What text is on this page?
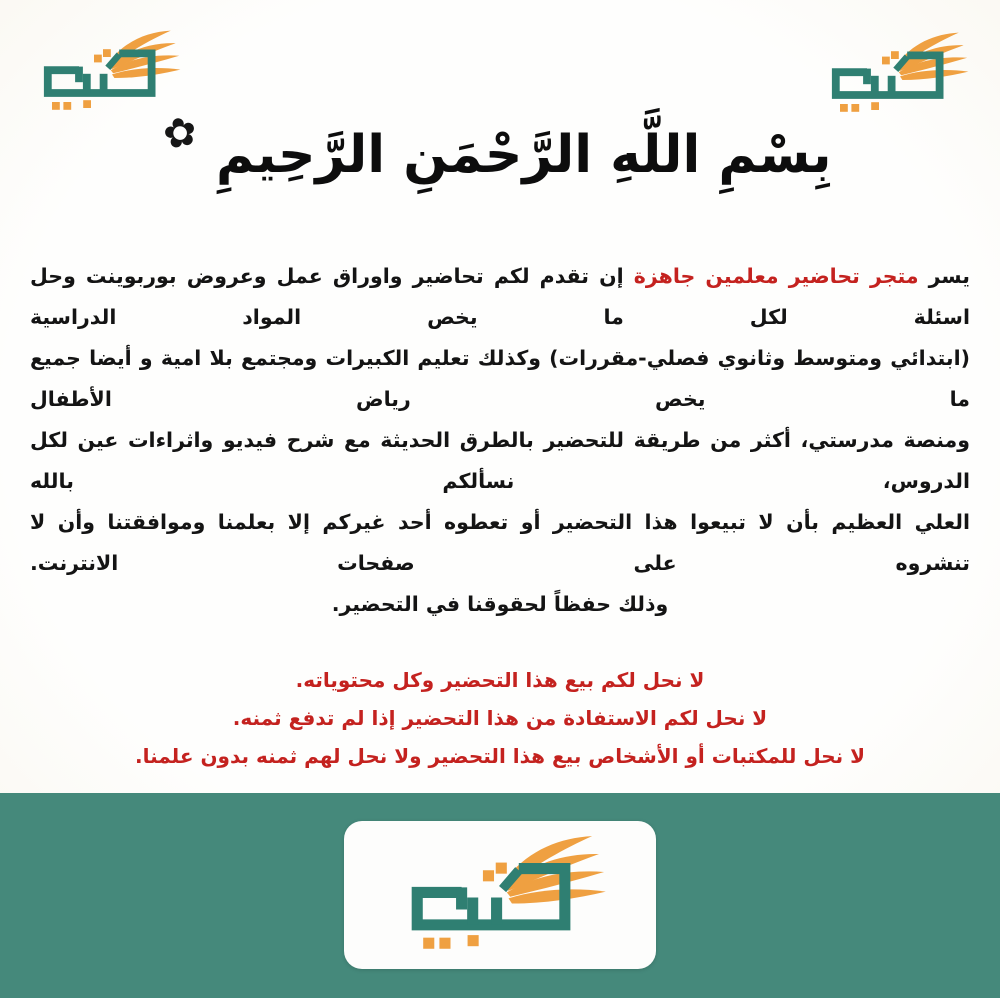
بِسْمِ اللَّهِ الرَّحْمَنِ الرَّحِيمِ
✿

يسر متجر تحاضير معلمين جاهزة إن تقدم لكم تحاضير واوراق عمل وعروض بوربوينت وحل اسئلة لكل ما يخص المواد الدراسية

(ابتدائي ومتوسط وثانوي فصلي-مقررات) وكذلك تعليم الكبيرات ومجتمع بلا امية و أيضا جميع ما يخص رياض الأطفال

ومنصة مدرستي، أكثر من طريقة للتحضير بالطرق الحديثة مع شرح فيديو واثراءات عين لكل الدروس، نسألكم بالله

العلي العظيم بأن لا تبيعوا هذا التحضير أو تعطوه أحد غيركم إلا بعلمنا وموافقتنا وأن لا تنشروه على صفحات الانترنت.

وذلك حفظاً لحقوقنا في التحضير.

لا نحل لكم بيع هذا التحضير وكل محتوياته.

لا نحل لكم الاستفادة من هذا التحضير إذا لم تدفع ثمنه.

لا نحل للمكتبات أو الأشخاص بيع هذا التحضير ولا نحل لهم ثمنه بدون علمنا.
